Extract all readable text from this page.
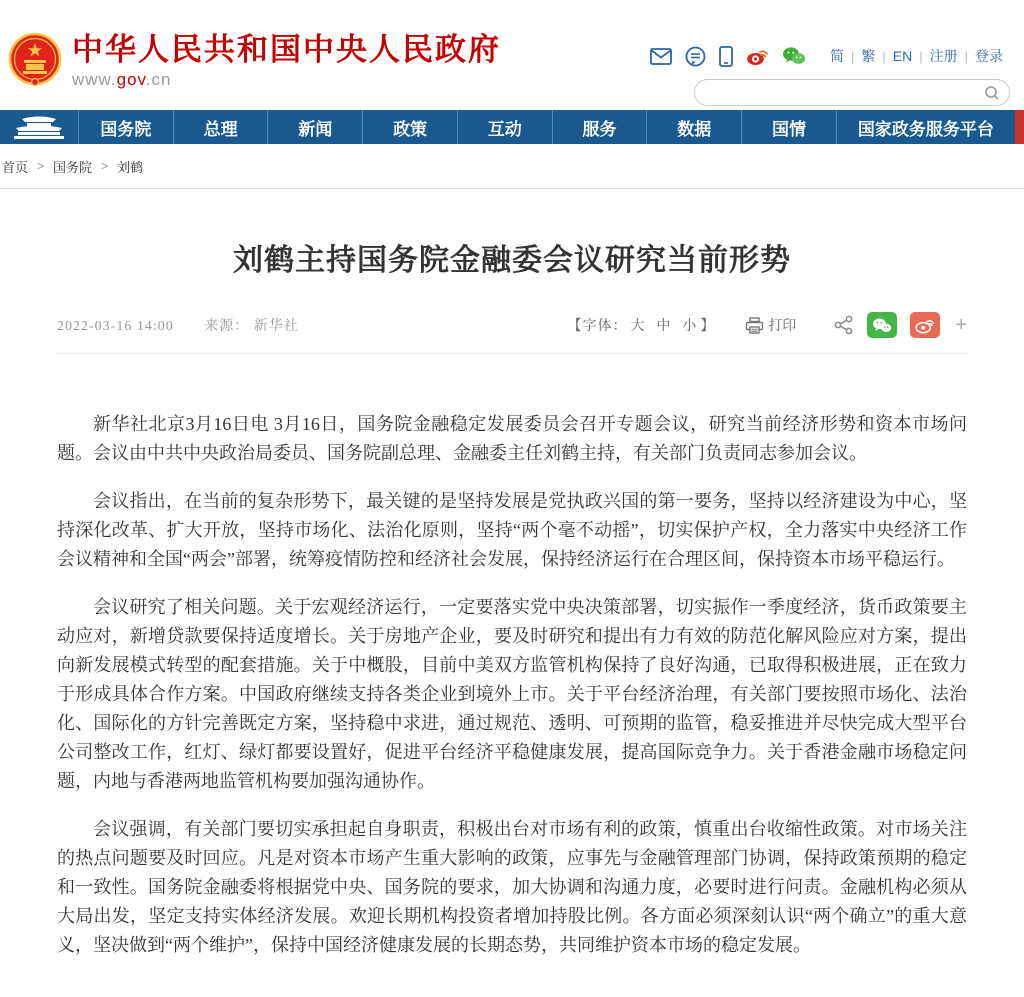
中华人民共和国中央人民政府
www.gov.cn
简 | 繁 | EN | 注册 | 登录
国务院	总理	新闻	政策	互动	服务	数据	国情	国家政务服务平台
首页 > 国务院 > 刘鹤
刘鹤主持国务院金融委会议研究当前形势
2022-03-16 14:00 来源： 新华社	【字体： 大 中 小 】	打印	+

新华社北京3月16日电 3月16日，国务院金融稳定发展委员会召开专题会议，研究当前经济形势和资本市场问题。会议由中共中央政治局委员、国务院副总理、金融委主任刘鹤主持，有关部门负责同志参加会议。

会议指出，在当前的复杂形势下，最关键的是坚持发展是党执政兴国的第一要务，坚持以经济建设为中心，坚持深化改革、扩大开放，坚持市场化、法治化原则，坚持“两个毫不动摇”，切实保护产权，全力落实中央经济工作会议精神和全国“两会”部署，统筹疫情防控和经济社会发展，保持经济运行在合理区间，保持资本市场平稳运行。

会议研究了相关问题。关于宏观经济运行，一定要落实党中央决策部署，切实振作一季度经济，货币政策要主动应对，新增贷款要保持适度增长。关于房地产企业，要及时研究和提出有力有效的防范化解风险应对方案，提出向新发展模式转型的配套措施。关于中概股，目前中美双方监管机构保持了良好沟通，已取得积极进展，正在致力于形成具体合作方案。中国政府继续支持各类企业到境外上市。关于平台经济治理，有关部门要按照市场化、法治化、国际化的方针完善既定方案，坚持稳中求进，通过规范、透明、可预期的监管，稳妥推进并尽快完成大型平台公司整改工作，红灯、绿灯都要设置好，促进平台经济平稳健康发展，提高国际竞争力。关于香港金融市场稳定问题，内地与香港两地监管机构要加强沟通协作。

会议强调，有关部门要切实承担起自身职责，积极出台对市场有利的政策，慎重出台收缩性政策。对市场关注的热点问题要及时回应。凡是对资本市场产生重大影响的政策，应事先与金融管理部门协调，保持政策预期的稳定和一致性。国务院金融委将根据党中央、国务院的要求，加大协调和沟通力度，必要时进行问责。金融机构必须从大局出发，坚定支持实体经济发展。欢迎长期机构投资者增加持股比例。各方面必须深刻认识“两个确立”的重大意义，坚决做到“两个维护”，保持中国经济健康发展的长期态势，共同维护资本市场的稳定发展。
